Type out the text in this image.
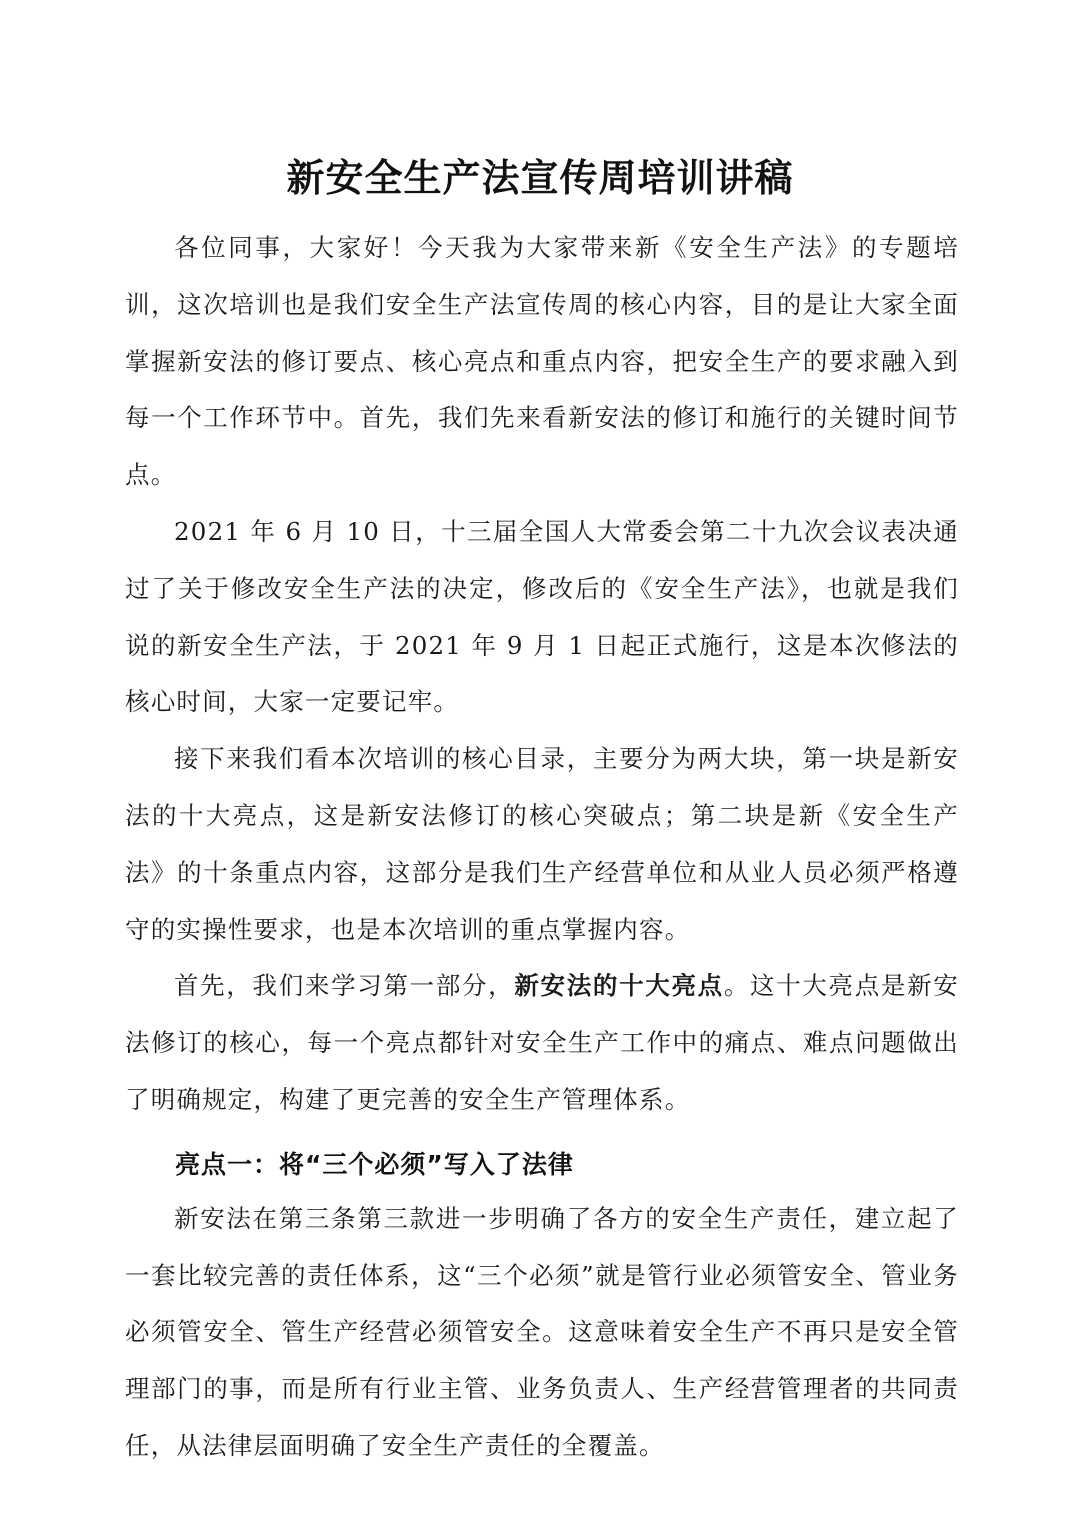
新安全生产法宣传周培训讲稿

各位同事，大家好！今天我为大家带来新《安全生产法》的专题培训，这次培训也是我们安全生产法宣传周的核心内容，目的是让大家全面掌握新安法的修订要点、核心亮点和重点内容，把安全生产的要求融入到每一个工作环节中。首先，我们先来看新安法的修订和施行的关键时间节点。

2021 年 6 月 10 日，十三届全国人大常委会第二十九次会议表决通过了关于修改安全生产法的决定，修改后的《安全生产法》，也就是我们说的新安全生产法，于 2021 年 9 月 1 日起正式施行，这是本次修法的核心时间，大家一定要记牢。

接下来我们看本次培训的核心目录，主要分为两大块，第一块是新安法的十大亮点，这是新安法修订的核心突破点；第二块是新《安全生产法》的十条重点内容，这部分是我们生产经营单位和从业人员必须严格遵守的实操性要求，也是本次培训的重点掌握内容。

首先，我们来学习第一部分，新安法的十大亮点。这十大亮点是新安法修订的核心，每一个亮点都针对安全生产工作中的痛点、难点问题做出了明确规定，构建了更完善的安全生产管理体系。

亮点一：将“三个必须”写入了法律

新安法在第三条第三款进一步明确了各方的安全生产责任，建立起了一套比较完善的责任体系，这“三个必须”就是管行业必须管安全、管业务必须管安全、管生产经营必须管安全。这意味着安全生产不再只是安全管理部门的事，而是所有行业主管、业务负责人、生产经营管理者的共同责任，从法律层面明确了安全生产责任的全覆盖。
